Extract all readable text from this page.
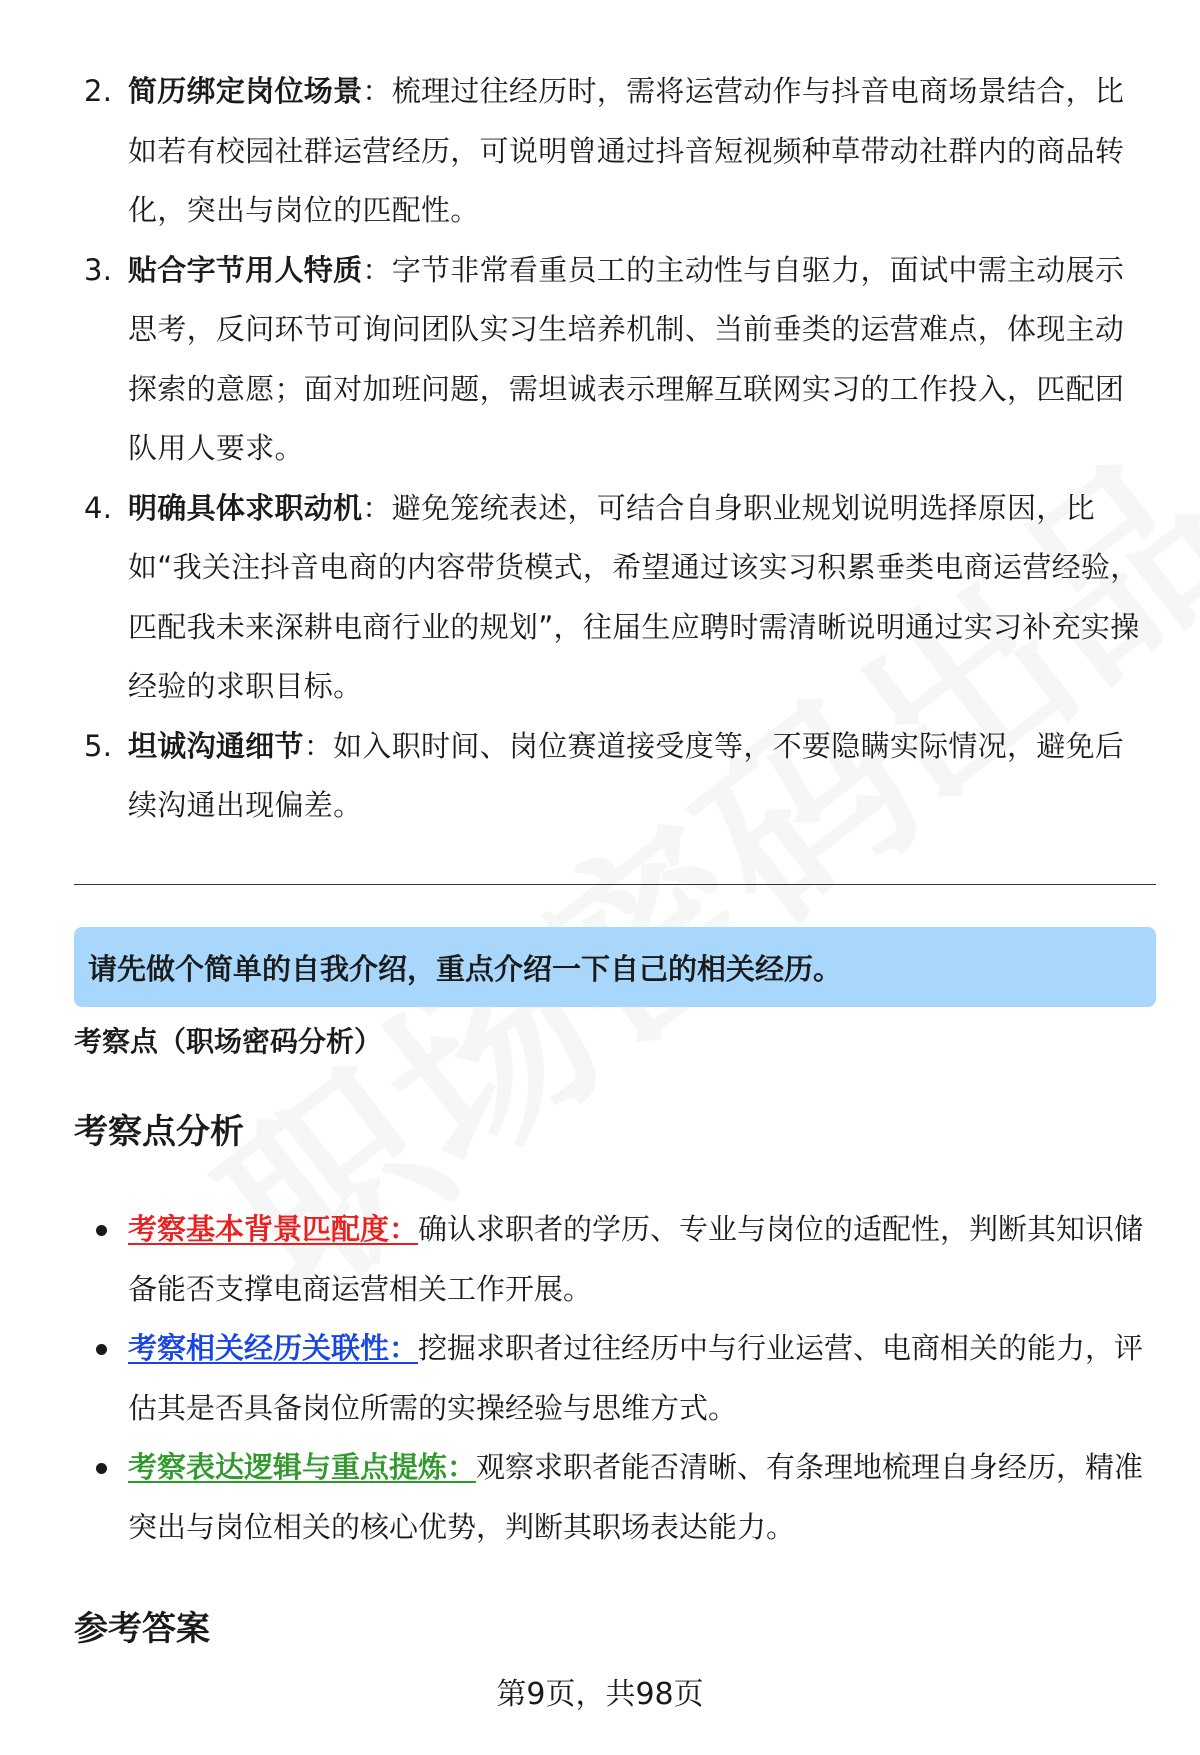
2. 简历绑定岗位场景：梳理过往经历时，需将运营动作与抖音电商场景结合，比如若有校园社群运营经历，可说明曾通过抖音短视频种草带动社群内的商品转化，突出与岗位的匹配性。
3. 贴合字节用人特质：字节非常看重员工的主动性与自驱力，面试中需主动展示思考，反问环节可询问团队实习生培养机制、当前垂类的运营难点，体现主动探索的意愿；面对加班问题，需坦诚表示理解互联网实习的工作投入，匹配团队用人要求。
4. 明确具体求职动机：避免笼统表述，可结合自身职业规划说明选择原因，比如“我关注抖音电商的内容带货模式，希望通过该实习积累垂类电商运营经验，匹配我未来深耕电商行业的规划”，往届生应聘时需清晰说明通过实习补充实操经验的求职目标。
5. 坦诚沟通细节：如入职时间、岗位赛道接受度等，不要隐瞒实际情况，避免后续沟通出现偏差。
请先做个简单的自我介绍，重点介绍一下自己的相关经历。
考察点（职场密码分析）
考察点分析
考察基本背景匹配度：确认求职者的学历、专业与岗位的适配性，判断其知识储备能否支撑电商运营相关工作开展。
考察相关经历关联性：挖掘求职者过往经历中与行业运营、电商相关的能力，评估其是否具备岗位所需的实操经验与思维方式。
考察表达逻辑与重点提炼：观察求职者能否清晰、有条理地梳理自身经历，精准突出与岗位相关的核心优势，判断其职场表达能力。
参考答案
第9页，共98页
